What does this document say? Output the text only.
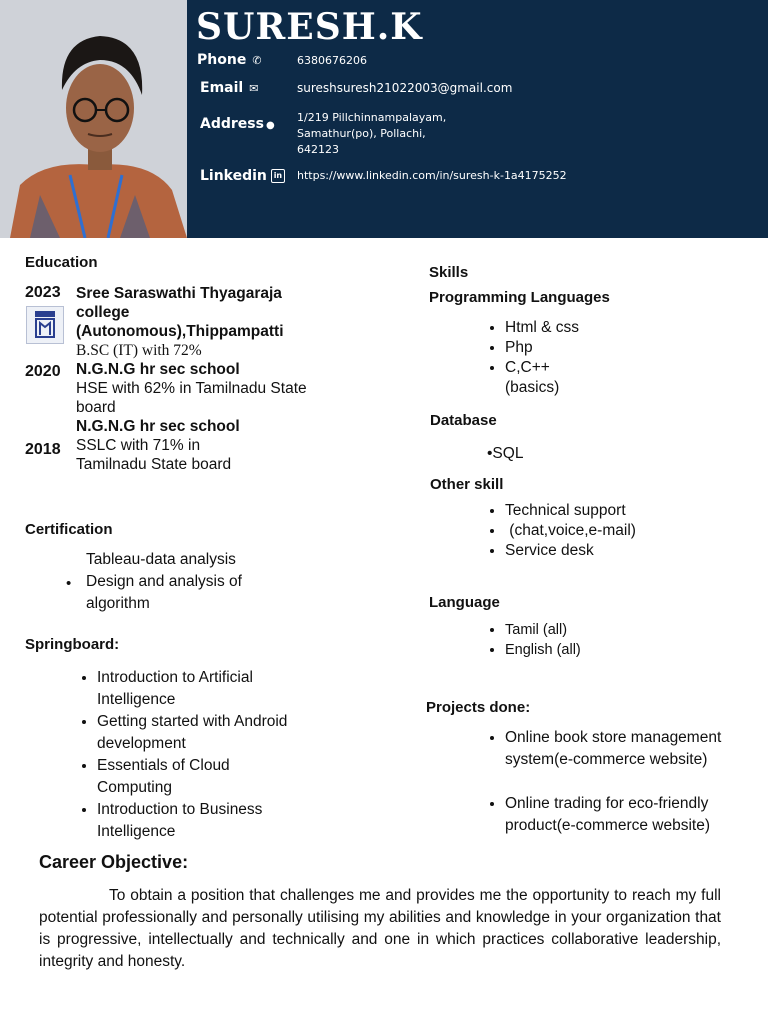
SURESH.K
Phone ✆	6380676206
Email ✉	sureshsuresh21022003@gmail.com
Address ●
1/219 Pillchinnampalayam,
Samathur(po), Pollachi,
642123
Linkedin in https://www.linkedin.com/in/suresh-k-1a4175252
Education
2023 Sree Saraswathi Thyagaraja
college
(Autonomous),Thippampatti
B.SC (IT) with 72%
2020 N.G.N.G hr sec school
HSE with 62% in Tamilnadu State
board
2018
N.G.N.G hr sec school
SSLC with 71% in
Tamilnadu State board
Certification
Tableau-data analysis
Design and analysis of
algorithm
•
Springboard:
• Introduction to Artificial
Intelligence
• Getting started with Android
development
• Essentials of Cloud
Computing
• Introduction to Business
Intelligence
Skills
Programming Languages
• Html & css
• Php
• C,C++
(basics)
Database
•SQL
Other skill
• Technical support
•  (chat,voice,e-mail)
• Service desk
Language
• Tamil (all)
• English (all)
Projects done:
• Online book store management
system(e-commerce website)
• Online trading for eco-friendly
product(e-commerce website)
Career Objective:
To obtain a position that challenges me and provides me the opportunity to reach my full potential professionally and personally utilising my abilities and knowledge in your organization that is progressive, intellectually and technically and one in which practices collaborative leadership, integrity and honesty.
